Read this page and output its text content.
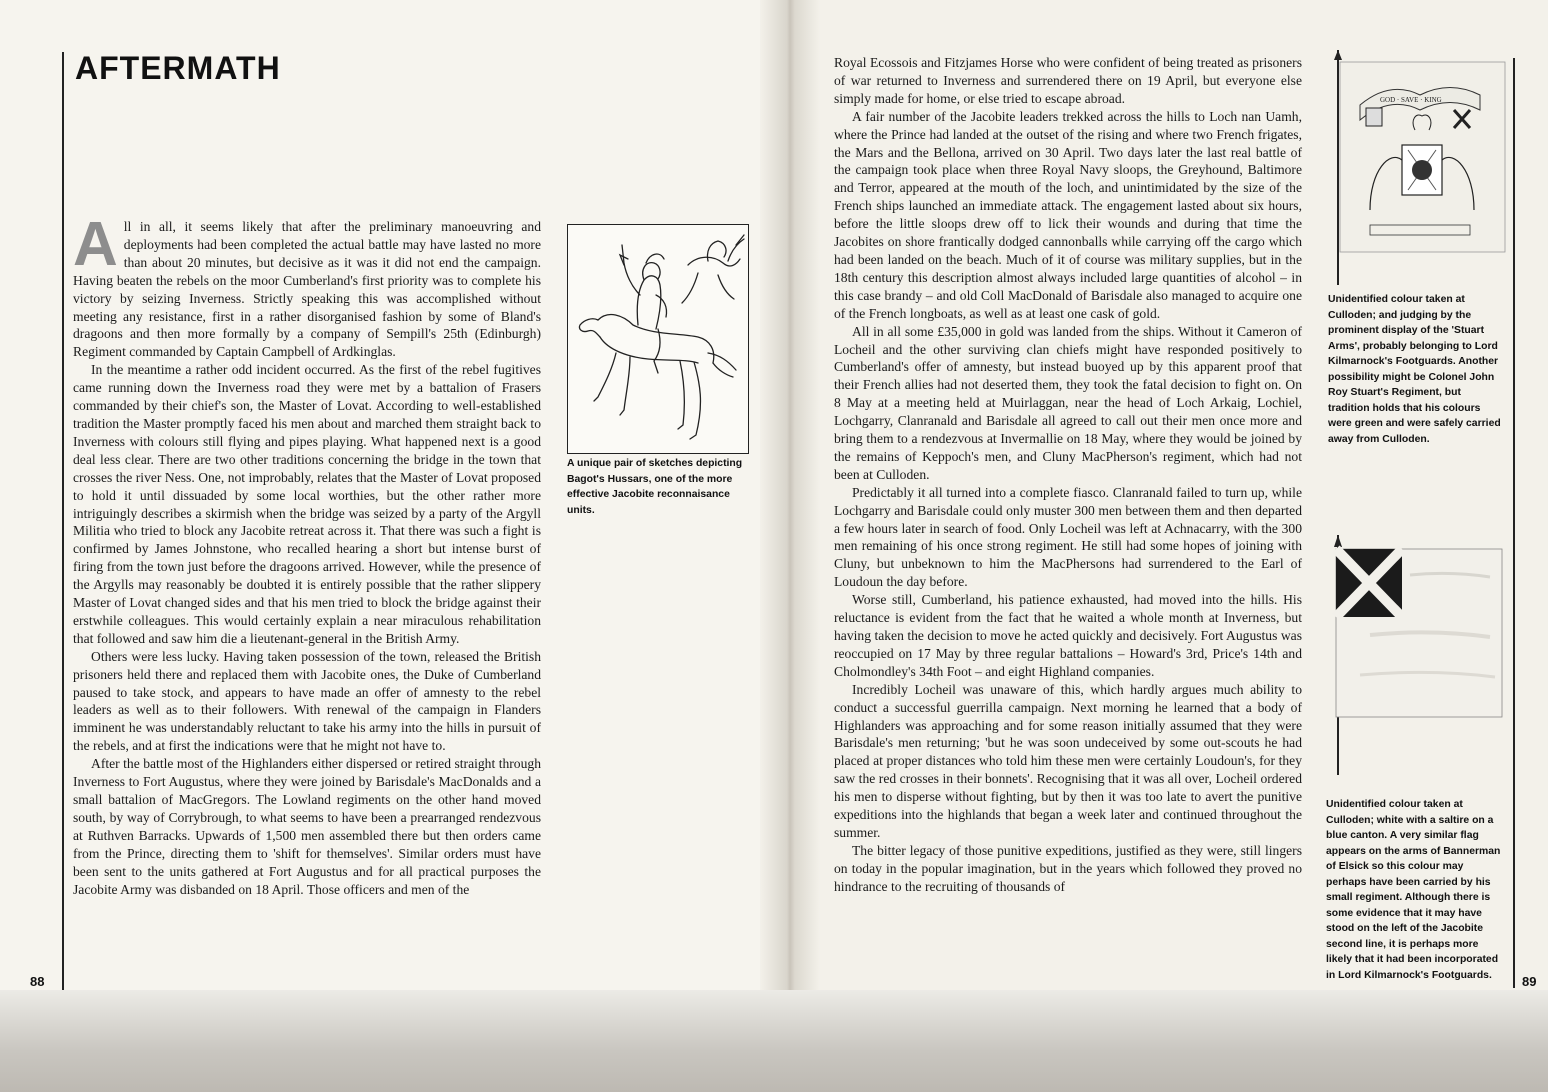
AFTERMATH

All in all, it seems likely that after the preliminary manoeuvring and deployments had been completed the actual battle may have lasted no more than about 20 minutes, but decisive as it was it did not end the campaign. Having beaten the rebels on the moor Cumberland's first priority was to complete his victory by seizing Inverness. Strictly speaking this was accomplished without meeting any resistance, first in a rather disorganised fashion by some of Bland's dragoons and then more formally by a company of Sempill's 25th (Edinburgh) Regiment commanded by Captain Campbell of Ardkinglas.

In the meantime a rather odd incident occurred. As the first of the rebel fugitives came running down the Inverness road they were met by a battalion of Frasers commanded by their chief's son, the Master of Lovat. According to well-established tradition the Master promptly faced his men about and marched them straight back to Inverness with colours still flying and pipes playing. What happened next is a good deal less clear. There are two other traditions concerning the bridge in the town that crosses the river Ness. One, not improbably, relates that the Master of Lovat proposed to hold it until dissuaded by some local worthies, but the other rather more intriguingly describes a skirmish when the bridge was seized by a party of the Argyll Militia who tried to block any Jacobite retreat across it. That there was such a fight is confirmed by James Johnstone, who recalled hearing a short but intense burst of firing from the town just before the dragoons arrived. However, while the presence of the Argylls may reasonably be doubted it is entirely possible that the rather slippery Master of Lovat changed sides and that his men tried to block the bridge against their erstwhile colleagues. This would certainly explain a near miraculous rehabilitation that followed and saw him die a lieutenant-general in the British Army.

Others were less lucky. Having taken possession of the town, released the British prisoners held there and replaced them with Jacobite ones, the Duke of Cumberland paused to take stock, and appears to have made an offer of amnesty to the rebel leaders as well as to their followers. With renewal of the campaign in Flanders imminent he was understandably reluctant to take his army into the hills in pursuit of the rebels, and at first the indications were that he might not have to.

After the battle most of the Highlanders either dispersed or retired straight through Inverness to Fort Augustus, where they were joined by Barisdale's MacDonalds and a small battalion of MacGregors. The Lowland regiments on the other hand moved south, by way of Corrybrough, to what seems to have been a prearranged rendezvous at Ruthven Barracks. Upwards of 1,500 men assembled there but then orders came from the Prince, directing them to 'shift for themselves'. Similar orders must have been sent to the units gathered at Fort Augustus and for all practical purposes the Jacobite Army was disbanded on 18 April. Those officers and men of the

A unique pair of sketches depicting Bagot's Hussars, one of the more effective Jacobite reconnaisance units.
88

Royal Ecossois and Fitzjames Horse who were confident of being treated as prisoners of war returned to Inverness and surrendered there on 19 April, but everyone else simply made for home, or else tried to escape abroad.

A fair number of the Jacobite leaders trekked across the hills to Loch nan Uamh, where the Prince had landed at the outset of the rising and where two French frigates, the Mars and the Bellona, arrived on 30 April. Two days later the last real battle of the campaign took place when three Royal Navy sloops, the Greyhound, Baltimore and Terror, appeared at the mouth of the loch, and unintimidated by the size of the French ships launched an immediate attack. The engagement lasted about six hours, before the little sloops drew off to lick their wounds and during that time the Jacobites on shore frantically dodged cannonballs while carrying off the cargo which had been landed on the beach. Much of it of course was military supplies, but in the 18th century this description almost always included large quantities of alcohol – in this case brandy – and old Coll MacDonald of Barisdale also managed to acquire one of the French longboats, as well as at least one cask of gold.

All in all some £35,000 in gold was landed from the ships. Without it Cameron of Locheil and the other surviving clan chiefs might have responded positively to Cumberland's offer of amnesty, but instead buoyed up by this apparent proof that their French allies had not deserted them, they took the fatal decision to fight on. On 8 May at a meeting held at Muirlaggan, near the head of Loch Arkaig, Lochiel, Lochgarry, Clanranald and Barisdale all agreed to call out their men once more and bring them to a rendezvous at Invermallie on 18 May, where they would be joined by the remains of Keppoch's men, and Cluny MacPherson's regiment, which had not been at Culloden.

Predictably it all turned into a complete fiasco. Clanranald failed to turn up, while Lochgarry and Barisdale could only muster 300 men between them and then departed a few hours later in search of food. Only Locheil was left at Achnacarry, with the 300 men remaining of his once strong regiment. He still had some hopes of joining with Cluny, but unbeknown to him the MacPhersons had surrendered to the Earl of Loudoun the day before.

Worse still, Cumberland, his patience exhausted, had moved into the hills. His reluctance is evident from the fact that he waited a whole month at Inverness, but having taken the decision to move he acted quickly and decisively. Fort Augustus was reoccupied on 17 May by three regular battalions – Howard's 3rd, Price's 14th and Cholmondley's 34th Foot – and eight Highland companies.

Incredibly Locheil was unaware of this, which hardly argues much ability to conduct a successful guerrilla campaign. Next morning he learned that a body of Highlanders was approaching and for some reason initially assumed that they were Barisdale's men returning; 'but he was soon undeceived by some out-scouts he had placed at proper distances who told him these men were certainly Loudoun's, for they saw the red crosses in their bonnets'. Recognising that it was all over, Locheil ordered his men to disperse without fighting, but by then it was too late to avert the punitive expeditions into the highlands that began a week later and continued throughout the summer.

The bitter legacy of those punitive expeditions, justified as they were, still lingers on today in the popular imagination, but in the years which followed they proved no hindrance to the recruiting of thousands of

GOD · SAVE · KING
Unidentified colour taken at Culloden; and judging by the prominent display of the 'Stuart Arms', probably belonging to Lord Kilmarnock's Footguards. Another possibility might be Colonel John Roy Stuart's Regiment, but tradition holds that his colours were green and were safely carried away from Culloden.
Unidentified colour taken at Culloden; white with a saltire on a blue canton. A very similar flag appears on the arms of Bannerman of Elsick so this colour may perhaps have been carried by his small regiment. Although there is some evidence that it may have stood on the left of the Jacobite second line, it is perhaps more likely that it had been incorporated in Lord Kilmarnock's Footguards.	89
